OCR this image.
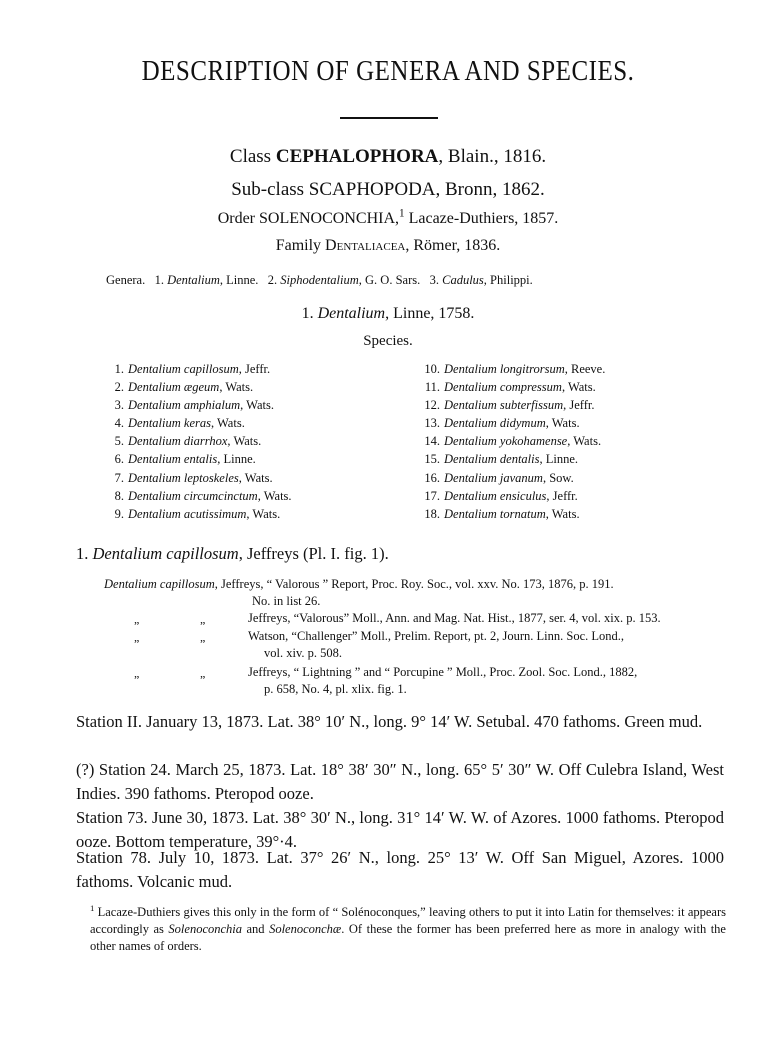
DESCRIPTION OF GENERA AND SPECIES.
Class CEPHALOPHORA, Blain., 1816.
Sub-class SCAPHOPODA, Bronn, 1862.
Order SOLENOCONCHIA,$^1$ Lacaze-Duthiers, 1857.
Family Dentaliacea, Römer, 1836.
Genera. 1. Dentalium, Linne. 2. Siphodentalium, G. O. Sars. 3. Cadulus, Philippi.
1. Dentalium, Linne, 1758.
Species.
1. Dentalium capillosum, Jeffr.
2. Dentalium ægeum, Wats.
3. Dentalium amphialum, Wats.
4. Dentalium keras, Wats.
5. Dentalium diarrhox, Wats.
6. Dentalium entalis, Linne.
7. Dentalium leptoskeles, Wats.
8. Dentalium circumcinctum, Wats.
9. Dentalium acutissimum, Wats.
10. Dentalium longitrorsum, Reeve.
11. Dentalium compressum, Wats.
12. Dentalium subterfissum, Jeffr.
13. Dentalium didymum, Wats.
14. Dentalium yokohamense, Wats.
15. Dentalium dentalis, Linne.
16. Dentalium javanum, Sow.
17. Dentalium ensiculus, Jeffr.
18. Dentalium tornatum, Wats.
1. Dentalium capillosum, Jeffreys (Pl. I. fig. 1).
Dentalium capillosum, Jeffreys, “ Valorous ” Report, Proc. Roy. Soc., vol. xxv. No. 173, 1876, p. 191.
No. in list 26.
„	„	Jeffreys, “Valorous” Moll., Ann. and Mag. Nat. Hist., 1877, ser. 4, vol. xix. p. 153.
„	„	Watson, “Challenger” Moll., Prelim. Report, pt. 2, Journ. Linn. Soc. Lond.,
vol. xiv. p. 508.
„	„	Jeffreys, “ Lightning ” and “ Porcupine ” Moll., Proc. Zool. Soc. Lond., 1882,
p. 658, No. 4, pl. xlix. fig. 1.

Station II. January 13, 1873. Lat. 38° 10′ N., long. 9° 14′ W. Setubal. 470 fathoms. Green mud.

(?) Station 24. March 25, 1873. Lat. 18° 38′ 30″ N., long. 65° 5′ 30″ W. Off Culebra Island, West Indies. 390 fathoms. Pteropod ooze.

Station 73. June 30, 1873. Lat. 38° 30′ N., long. 31° 14′ W. W. of Azores. 1000 fathoms. Pteropod ooze. Bottom temperature, 39°·4.

Station 78. July 10, 1873. Lat. 37° 26′ N., long. 25° 13′ W. Off San Miguel, Azores. 1000 fathoms. Volcanic mud.

$^1$ Lacaze-Duthiers gives this only in the form of “ Solénoconques,” leaving others to put it into Latin for themselves: it appears accordingly as Solenoconchia and Solenoconchæ. Of these the former has been preferred here as more in analogy with the other names of orders.
